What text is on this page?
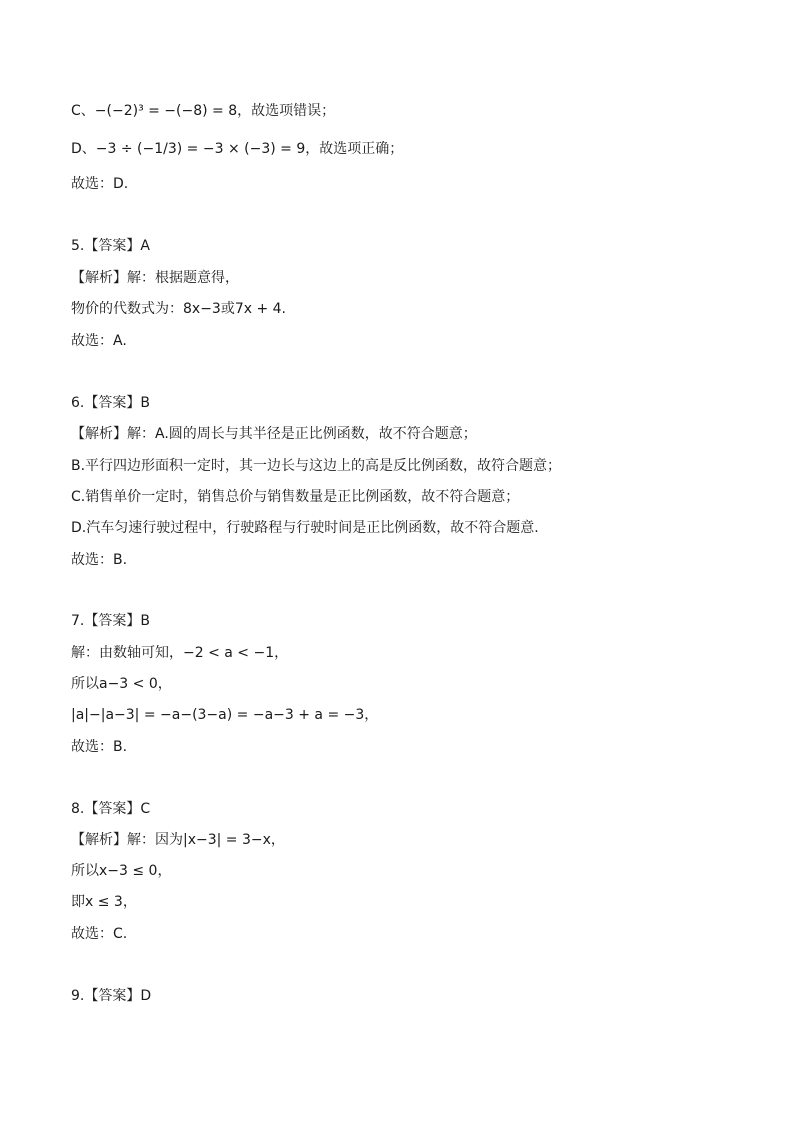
C、−(−2)³ = −(−8) = 8，故选项错误；
D、−3 ÷ (−1/3) = −3 × (−3) = 9，故选项正确；
故选：D.
5.【答案】A
【解析】解：根据题意得，
物价的代数式为：8x−3或7x + 4.
故选：A.
6.【答案】B
【解析】解：A.圆的周长与其半径是正比例函数，故不符合题意；
B.平行四边形面积一定时，其一边长与这边上的高是反比例函数，故符合题意；
C.销售单价一定时，销售总价与销售数量是正比例函数，故不符合题意；
D.汽车匀速行驶过程中，行驶路程与行驶时间是正比例函数，故不符合题意.
故选：B.
7.【答案】B
解：由数轴可知，−2 < a < −1，
所以a−3 < 0，
|a|−|a−3| = −a−(3−a) = −a−3 + a = −3，
故选：B.
8.【答案】C
【解析】解：因为|x−3| = 3−x，
所以x−3 ≤ 0，
即x ≤ 3，
故选：C.
9.【答案】D
